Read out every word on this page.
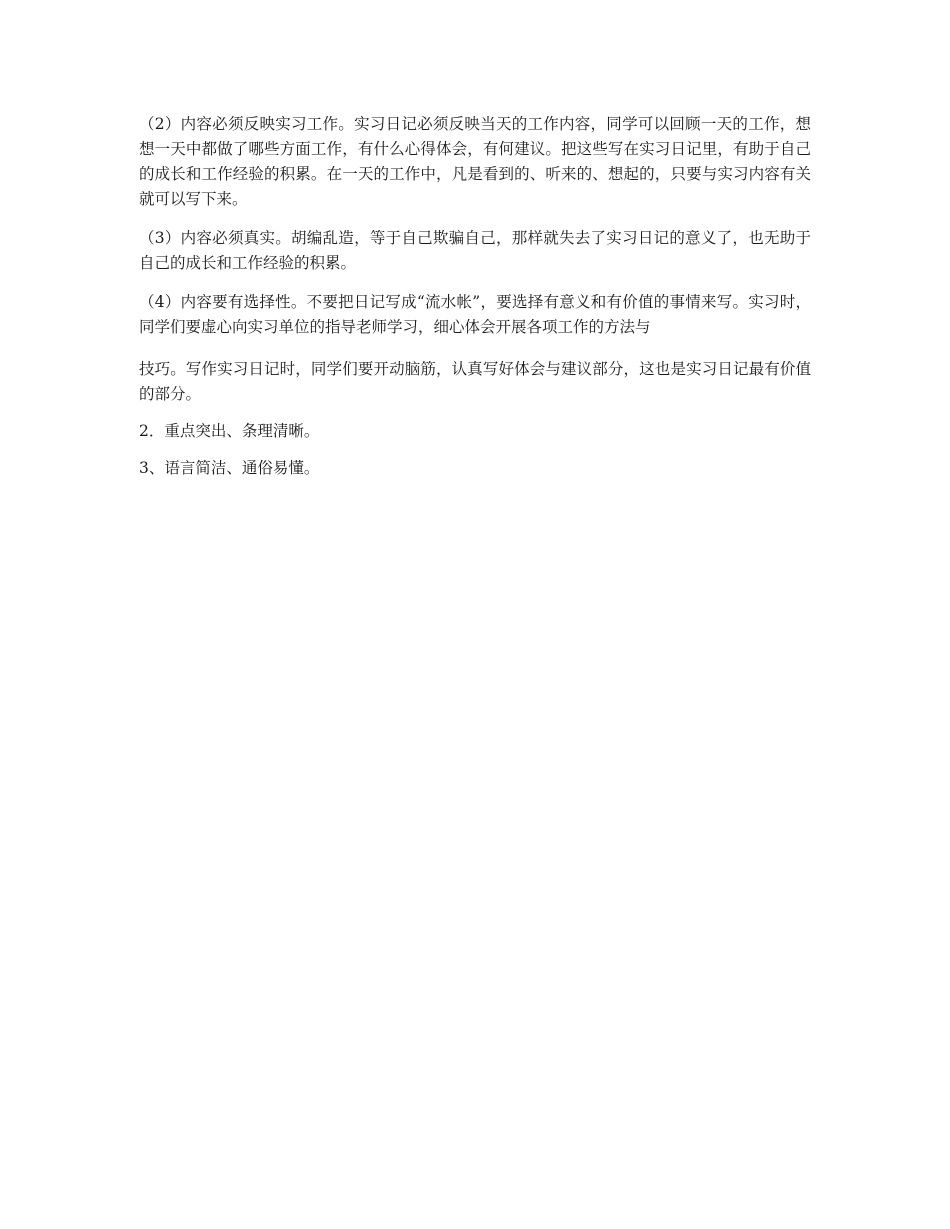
（2）内容必须反映实习工作。实习日记必须反映当天的工作内容，同学可以回顾一天的工作，想想一天中都做了哪些方面工作，有什么心得体会，有何建议。把这些写在实习日记里，有助于自己的成长和工作经验的积累。在一天的工作中，凡是看到的、听来的、想起的，只要与实习内容有关就可以写下来。

（3）内容必须真实。胡编乱造，等于自己欺骗自己，那样就失去了实习日记的意义了，也无助于自己的成长和工作经验的积累。

（4）内容要有选择性。不要把日记写成“流水帐”，要选择有意义和有价值的事情来写。实习时，同学们要虚心向实习单位的指导老师学习，细心体会开展各项工作的方法与

技巧。写作实习日记时，同学们要开动脑筋，认真写好体会与建议部分，这也是实习日记最有价值的部分。

2．重点突出、条理清晰。

3、语言简洁、通俗易懂。
